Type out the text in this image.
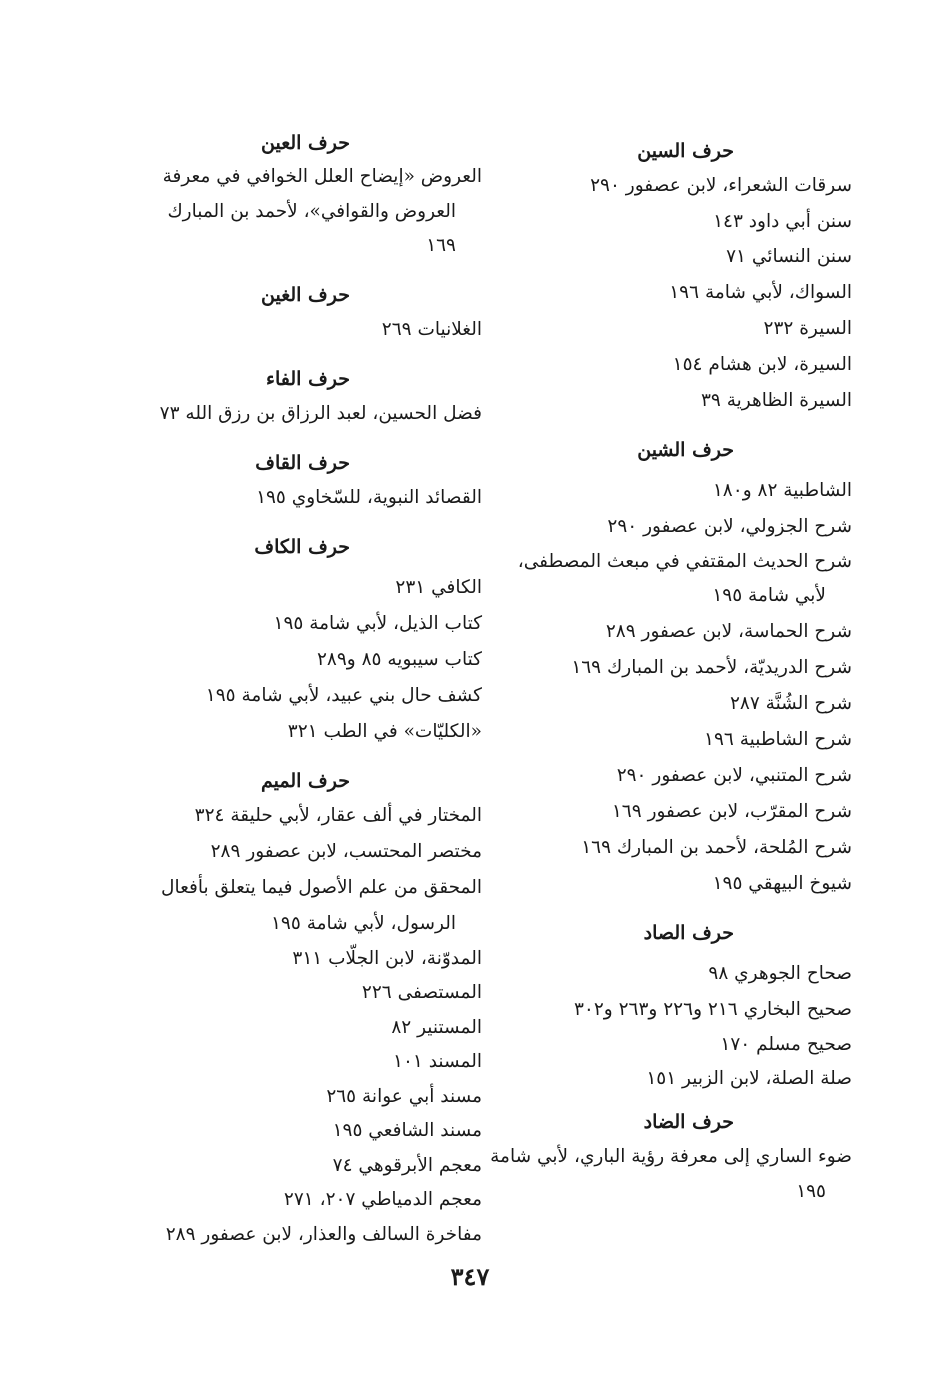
حرف السين
سرقات الشعراء، لابن عصفور ٢٩٠
سنن أبي داود ١٤٣
سنن النسائي ٧١
السواك، لأبي شامة ١٩٦
السيرة ٢٣٢
السيرة، لابن هشام ١٥٤
السيرة الظاهرية ٣٩
حرف الشين
الشاطبية ٨٢ و١٨٠
شرح الجزولي، لابن عصفور ٢٩٠
شرح الحديث المقتفي في مبعث المصطفى،
لأبي شامة ١٩٥
شرح الحماسة، لابن عصفور ٢٨٩
شرح الدريديّة، لأحمد بن المبارك ١٦٩
شرح الشُنَّة ٢٨٧
شرح الشاطبية ١٩٦
شرح المتنبي، لابن عصفور ٢٩٠
شرح المقرّب، لابن عصفور ١٦٩
شرح المُلحة، لأحمد بن المبارك ١٦٩
شيوخ البيهقي ١٩٥
حرف الصاد
صحاح الجوهري ٩٨
صحيح البخاري ٢١٦ و٢٢٦ و٢٦٣ و٣٠٢
صحيح مسلم ١٧٠
صلة الصلة، لابن الزبير ١٥١
حرف الضاد
ضوء الساري إلى معرفة رؤية الباري، لأبي شامة
١٩٥
حرف العين
العروض «إيضاح العلل الخوافي في معرفة
العروض والقوافي»، لأحمد بن المبارك
١٦٩
حرف الغين
الغلانيات ٢٦٩
حرف الفاء
فضل الحسين، لعبد الرزاق بن رزق الله ٧٣
حرف القاف
القصائد النبوية، للسّخاوي ١٩٥
حرف الكاف
الكافي ٢٣١
كتاب الذيل، لأبي شامة ١٩٥
كتاب سيبويه ٨٥ و٢٨٩
كشف حال بني عبيد، لأبي شامة ١٩٥
«الكليّات» في الطب ٣٢١
حرف الميم
المختار في ألف عقار، لأبي حليقة ٣٢٤
مختصر المحتسب، لابن عصفور ٢٨٩
المحقق من علم الأصول فيما يتعلق بأفعال
الرسول، لأبي شامة ١٩٥
المدوّنة، لابن الجلّاب ٣١١
المستصفى ٢٢٦
المستنير ٨٢
المسند ١٠١
مسند أبي عوانة ٢٦٥
مسند الشافعي ١٩٥
معجم الأبرقوهي ٧٤
معجم الدمياطي ٢٠٧، ٢٧١
مفاخرة السالف والعذار، لابن عصفور ٢٨٩
٣٤٧
